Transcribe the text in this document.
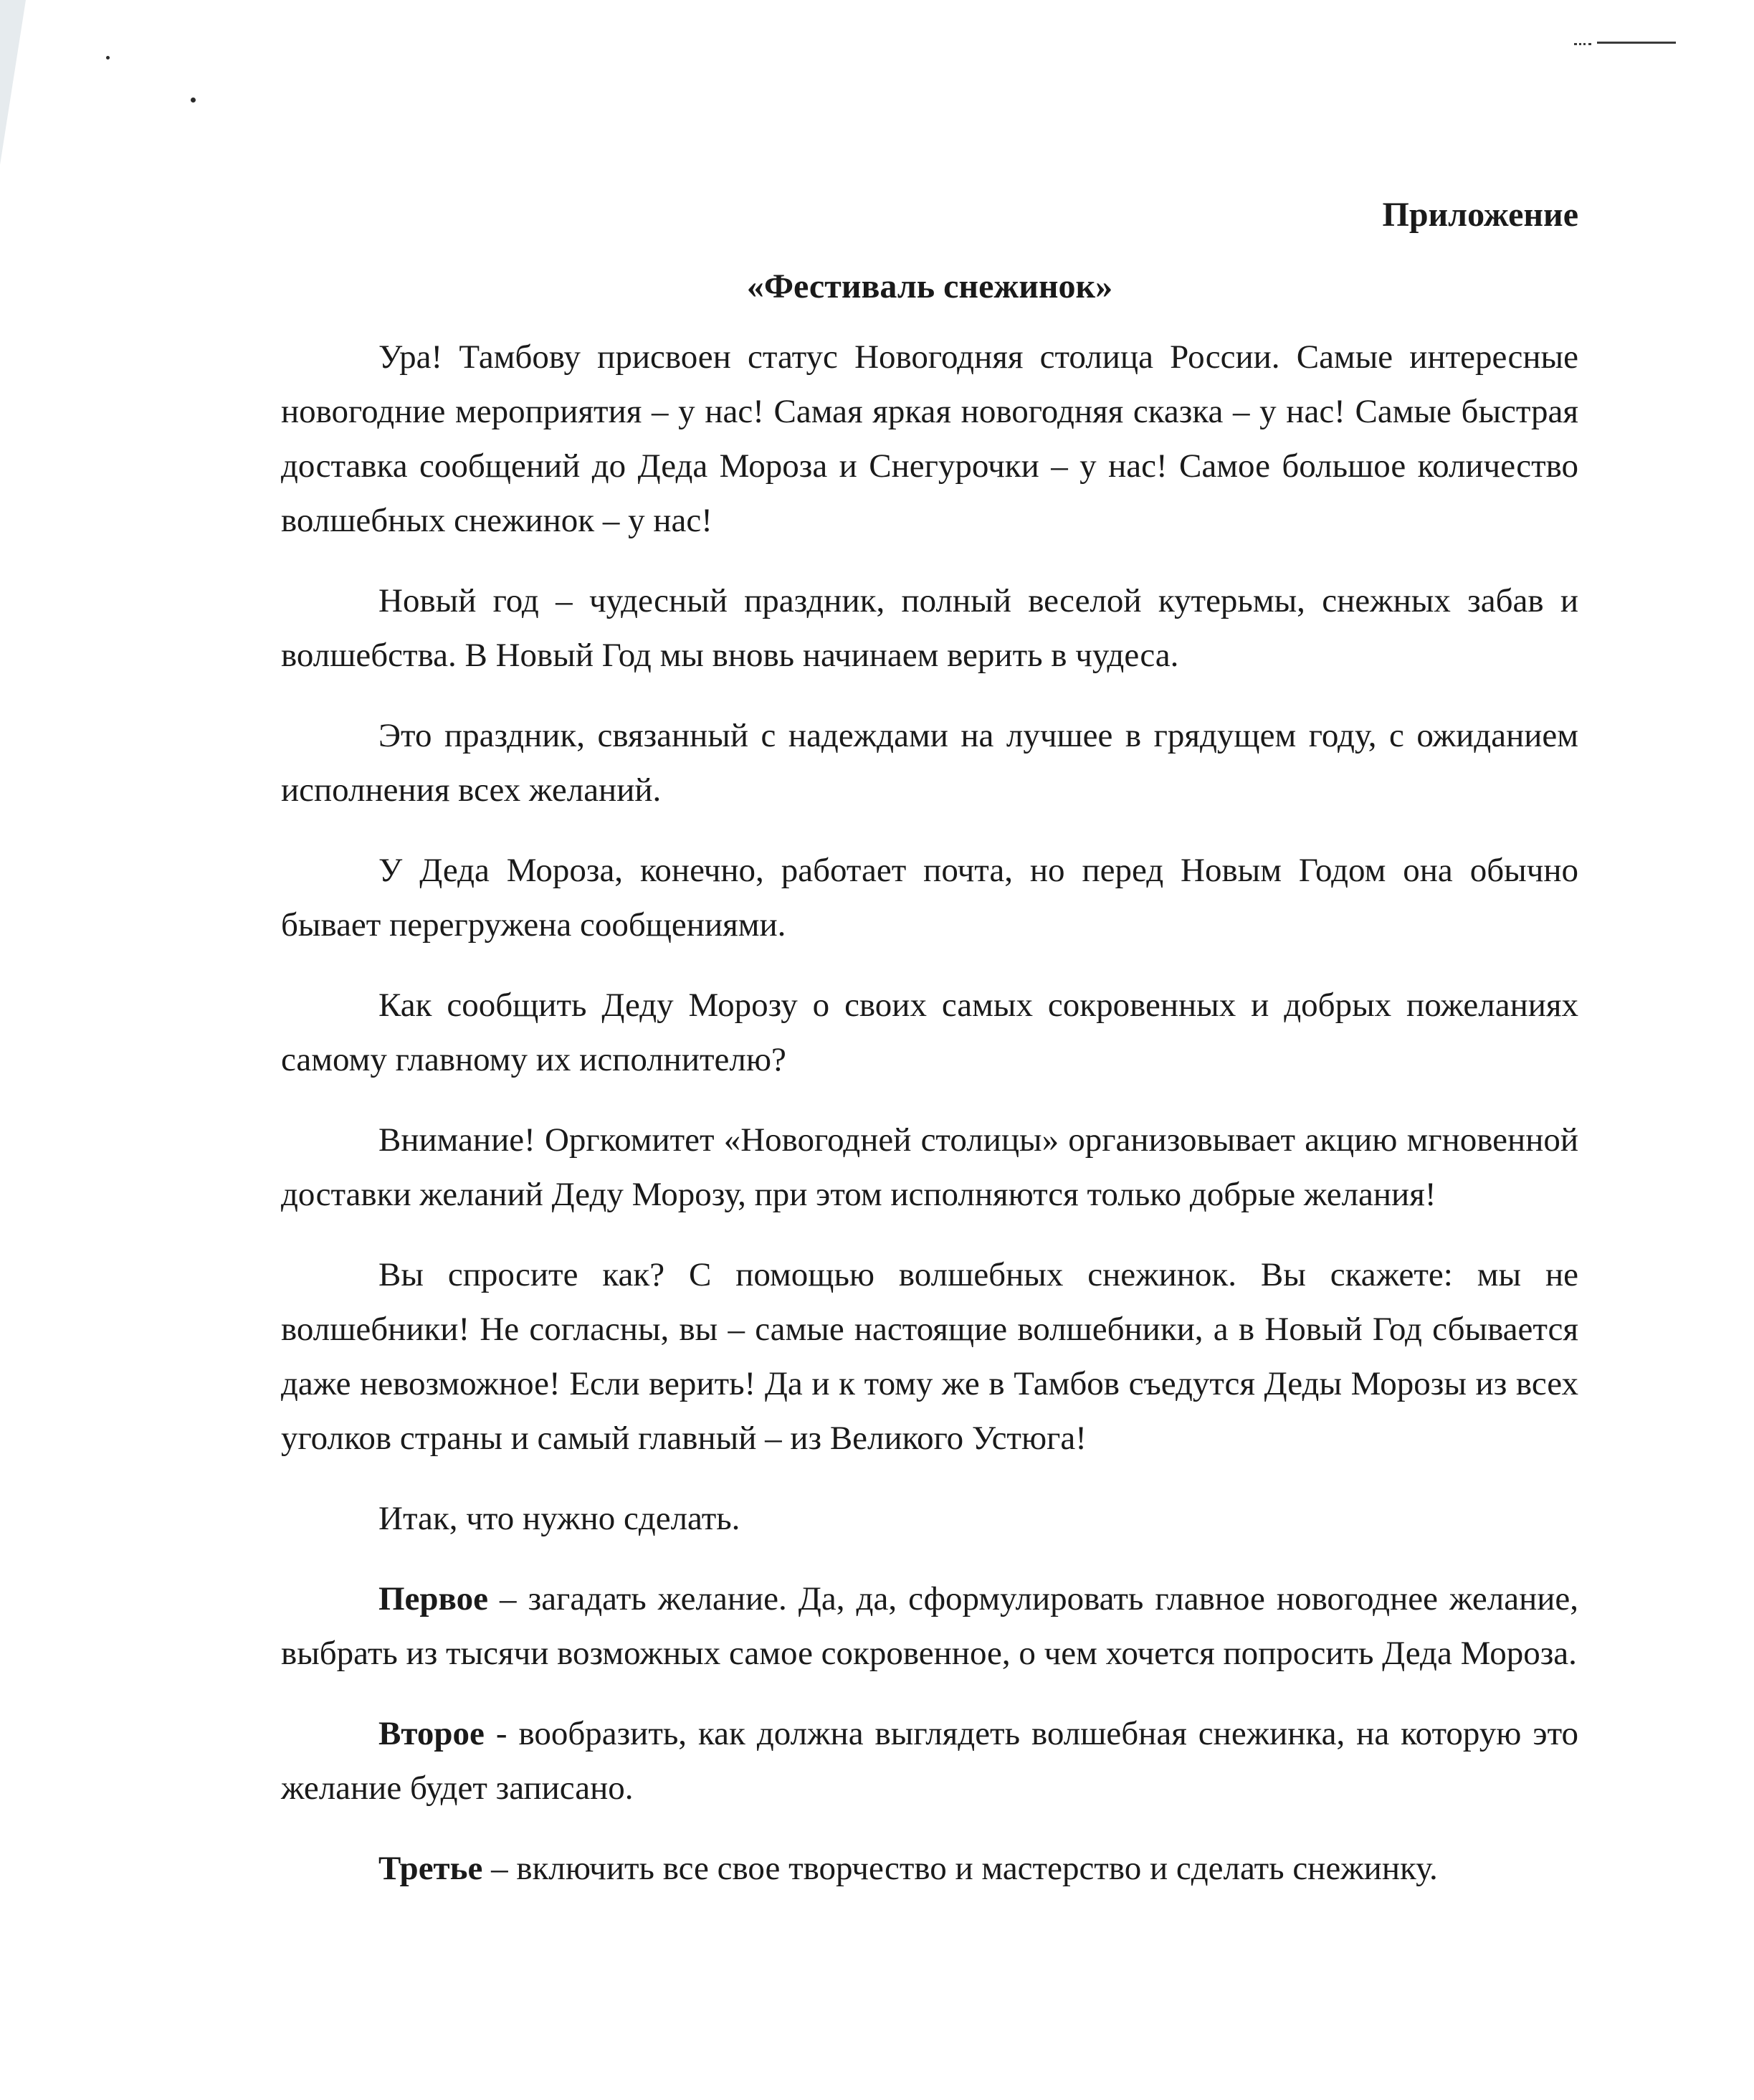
Приложение

«Фестиваль снежинок»

Ура! Тамбову присвоен статус Новогодняя столица России. Самые интересные новогодние мероприятия – у нас! Самая яркая новогодняя сказка – у нас! Самые быстрая доставка сообщений до Деда Мороза и Снегурочки – у нас! Самое большое количество волшебных снежинок – у нас!

Новый год – чудесный праздник, полный веселой кутерьмы, снежных забав и волшебства. В Новый Год мы вновь начинаем верить в чудеса.

Это праздник, связанный с надеждами на лучшее в грядущем году, с ожиданием исполнения всех желаний.

У Деда Мороза, конечно, работает почта, но перед Новым Годом она обычно бывает перегружена сообщениями.

Как сообщить Деду Морозу о своих самых сокровенных и добрых пожеланиях самому главному их исполнителю?

Внимание! Оргкомитет «Новогодней столицы» организовывает акцию мгновенной доставки желаний Деду Морозу, при этом исполняются только добрые желания!

Вы спросите как? С помощью волшебных снежинок. Вы скажете: мы не волшебники! Не согласны, вы – самые настоящие волшебники, а в Новый Год сбывается даже невозможное! Если верить! Да и к тому же в Тамбов съедутся Деды Морозы из всех уголков страны и самый главный – из Великого Устюга!

Итак, что нужно сделать.

Первое – загадать желание. Да, да, сформулировать главное новогоднее желание, выбрать из тысячи возможных самое сокровенное, о чем хочется попросить Деда Мороза.

Второе - вообразить, как должна выглядеть волшебная снежинка, на которую это желание будет записано.

Третье – включить все свое творчество и мастерство и сделать снежинку.
